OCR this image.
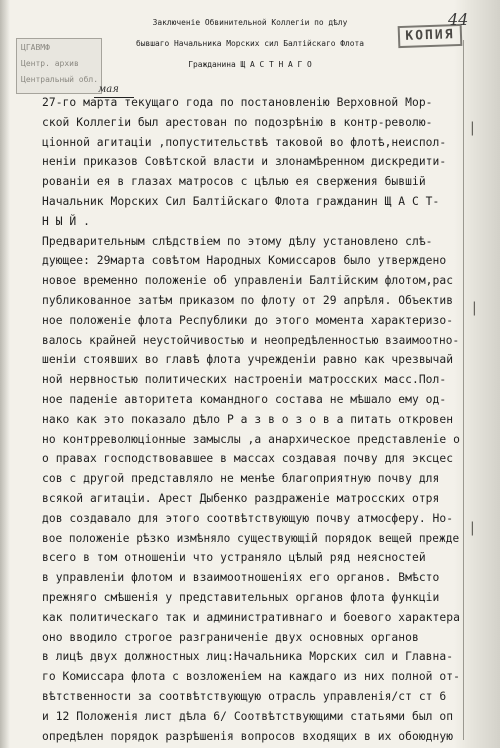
ЦГАВМФ
Центр. архив
Центральный обл.
КОПИЯ
44
Заключенiе Обвинительной Коллегiи по дѣлу
бывшаго Начальника Морских сил Балтiйскаго Флота
Гражданина Щ А С Т Н А Г О
мая
27-го марта текущаго года по постановленiю Верховной Мор-
ской Коллегiи был арестован по подозрѣнiю в контр-револю-
цiонной агитацiи ,попустительствѣ таковой во флотѣ,неиспол-
ненiи приказов Совѣтской власти и злонамѣренном дискредити-
рованiи ея в глазах матросов с цѣлью ея свержения бывшiй
Начальник Морских Сил Балтiйскаго Флота гражданин Щ А С Т-
Н Ы Й .
Предварительным слѣдствiем по этому дѣлу установлено слѣ-
дующее: 29марта совѣтом Народных Комиссаров было утверждено
новое временно положенiе об управленiи Балтiйским флотом,рас
публикованное затѣм приказом по флоту от 29 апрѣля. Объектив
ное положенiе флота Республики до этого момента характеризо-
валось крайней неустойчивостью и неопредѣленностью взаимоотно-
шенiи стоявших во главѣ флота учрежденiи равно как чрезвычай
ной нервностью политических настроенiи матросских масс.Пол-
ное паденiе авторитета командного состава не мѣшало ему од-
нако как это показало дѣло Р а з в о з о в а питать откровен
но контрреволюцiонные замыслы ,а анархическое представленiе о
о правах господствовавшее в массах создавая почву для эксцес
сов с другой представляло не менѣе благоприятную почву для
всякой агитацiи. Арест Дыбенко раздраженiе матросских отря
дов создавало для этого соотвѣтствующую почву атмосферу. Но-
вое положенiе рѣзко измѣняло существующiй порядок вещей прежде
всего в том отношенiи что устраняло цѣлый ряд неясностей
в управленiи флотом и взаимоотношенiях его органов. Вмѣсто
прежняго смѣшенiя у представительных органов флота функцiи
как политическаго так и административнаго и боевого характера
оно вводило строгое разграниченiе двух основных органов
в лицѣ двух должностных лиц:Начальника Морских сил и Главна-
го Комиссара флота с возложенiем на каждаго из них полной от-
вѣтственности за соотвѣтствующую отрасль управленiя/ст ст 6
и 12 Положенiя лист дѣла 6/ Соотвѣтствующими статьями был оп
опредѣлен порядок разрѣшенiя вопросов входящих в их обоюдную
|
|
|
